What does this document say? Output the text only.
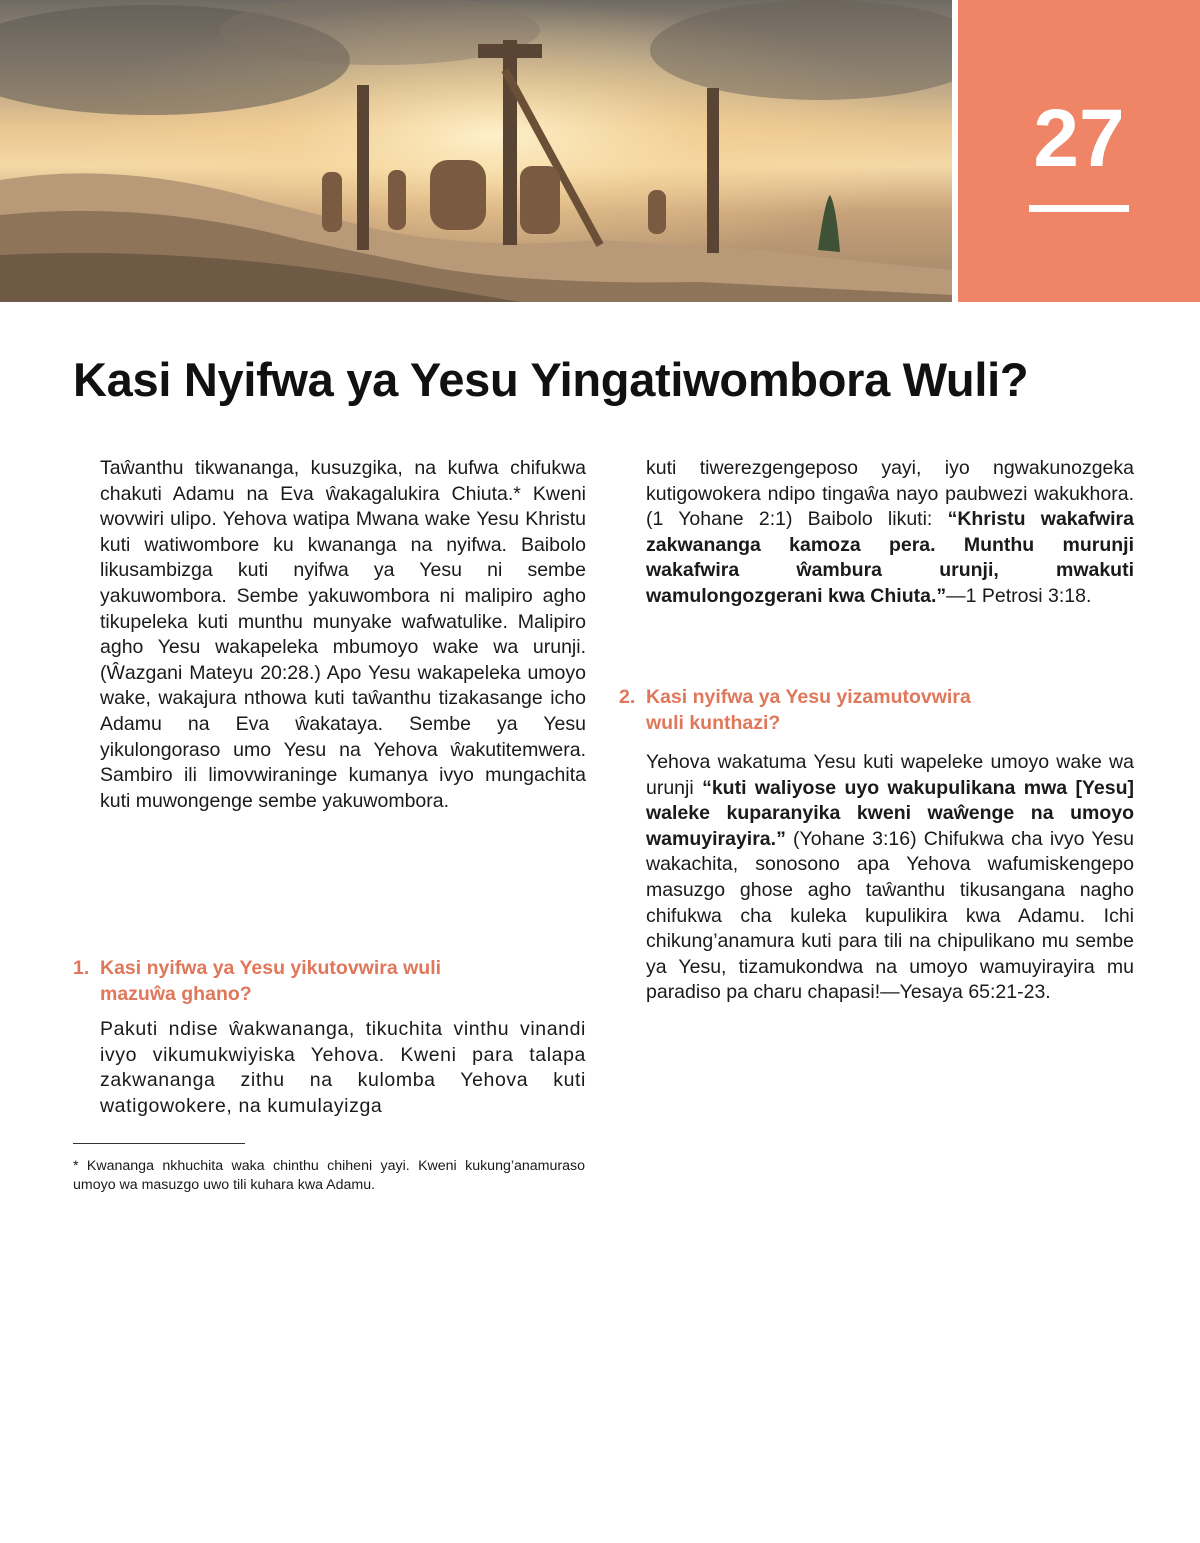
27
Kasi Nyifwa ya Yesu Yingatiwombora Wuli?

Taŵanthu tikwananga, kusuzgika, na kufwa chifukwa chakuti Adamu na Eva ŵakagalukira Chiuta.* Kweni wovwiri ulipo. Yehova watipa Mwana wake Yesu Khristu kuti watiwombore ku kwananga na nyifwa. Baibolo likusambizga kuti nyifwa ya Yesu ni sembe yakuwombora. Sembe yakuwombora ni malipiro agho tikupeleka kuti munthu munyake wafwatulike. Malipiro agho Yesu wakapeleka mbumoyo wake wa urunji. (Ŵazgani Mateyu 20:28.) Apo Yesu wakapeleka umoyo wake, wakajura nthowa kuti taŵanthu tizakasange icho Adamu na Eva ŵakataya. Sembe ya Yesu yikulongoraso umo Yesu na Yehova ŵakutitemwera. Sambiro ili limovwiraninge kumanya ivyo mungachita kuti muwongenge sembe yakuwombora.

1. Kasi nyifwa ya Yesu yikutovwira wuli
mazuŵa ghano?

Pakuti ndise ŵakwananga, tikuchita vinthu vinandi ivyo vikumukwiyiska Yehova. Kweni para talapa zakwananga zithu na kulomba Yehova kuti watigowokere, na kumulayizga

* Kwananga nkhuchita waka chinthu chiheni yayi. Kweni kukung’anamuraso umoyo wa masuzgo uwo tili kuhara kwa Adamu.

kuti tiwerezgengeposo yayi, iyo ngwakunozgeka kutigowokera ndipo tingaŵa nayo paubwezi wakukhora. (1 Yohane 2:1) Baibolo likuti: “Khristu wakafwira zakwananga kamoza pera. Munthu murunji wakafwira ŵambura urunji, mwakuti wamulongozgerani kwa Chiuta.”—1 Petrosi 3:18.

2. Kasi nyifwa ya Yesu yizamutovwira
wuli kunthazi?

Yehova wakatuma Yesu kuti wapeleke umoyo wake wa urunji “kuti waliyose uyo wakupulikana mwa [Yesu] waleke kuparanyika kweni waŵenge na umoyo wamuyirayira.” (Yohane 3:16) Chifukwa cha ivyo Yesu wakachita, sonosono apa Yehova wafumiskengepo masuzgo ghose agho taŵanthu tikusangana nagho chifukwa cha kuleka kupulikira kwa Adamu. Ichi chikung’anamura kuti para tili na chipulikano mu sembe ya Yesu, tizamukondwa na umoyo wamuyirayira mu paradiso pa charu chapasi!—Yesaya 65:21-23.
